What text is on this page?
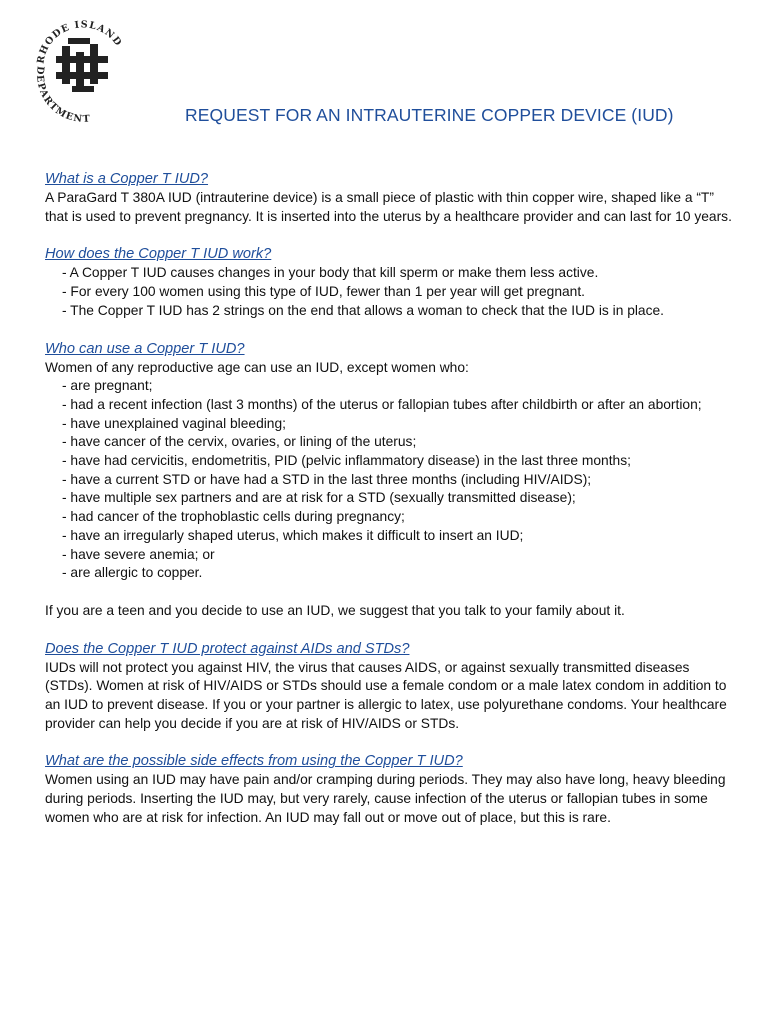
RHODE ISLAND
DEPARTMENT	REQUEST FOR AN INTRAUTERINE COPPER DEVICE (IUD)

What is a Copper T IUD?

A ParaGard T 380A IUD (intrauterine device) is a small piece of plastic with thin copper wire, shaped like a “T” that is used to prevent pregnancy. It is inserted into the uterus by a healthcare provider and can last for 10 years.

How does the Copper T IUD work?

- A Copper T IUD causes changes in your body that kill sperm or make them less active.
- For every 100 women using this type of IUD, fewer than 1 per year will get pregnant.
- The Copper T IUD has 2 strings on the end that allows a woman to check that the IUD is in place.

Who can use a Copper T IUD?

Women of any reproductive age can use an IUD, except women who:

- are pregnant;
- had a recent infection (last 3 months) of the uterus or fallopian tubes after childbirth or after an abortion;
- have unexplained vaginal bleeding;
- have cancer of the cervix, ovaries, or lining of the uterus;
- have had cervicitis, endometritis, PID (pelvic inflammatory disease) in the last three months;
- have a current STD or have had a STD in the last three months (including HIV/AIDS);
- have multiple sex partners and are at risk for a STD (sexually transmitted disease);
- had cancer of the trophoblastic cells during pregnancy;
- have an irregularly shaped uterus, which makes it difficult to insert an IUD;
- have severe anemia; or
- are allergic to copper.

If you are a teen and you decide to use an IUD, we suggest that you talk to your family about it.

Does the Copper T IUD protect against AIDs and STDs?

IUDs will not protect you against HIV, the virus that causes AIDS, or against sexually transmitted diseases (STDs). Women at risk of HIV/AIDS or STDs should use a female condom or a male latex condom in addition to an IUD to prevent disease. If you or your partner is allergic to latex, use polyurethane condoms. Your healthcare provider can help you decide if you are at risk of HIV/AIDS or STDs.

What are the possible side effects from using the Copper T IUD?

Women using an IUD may have pain and/or cramping during periods. They may also have long, heavy bleeding during periods. Inserting the IUD may, but very rarely, cause infection of the uterus or fallopian tubes in some women who are at risk for infection. An IUD may fall out or move out of place, but this is rare.
